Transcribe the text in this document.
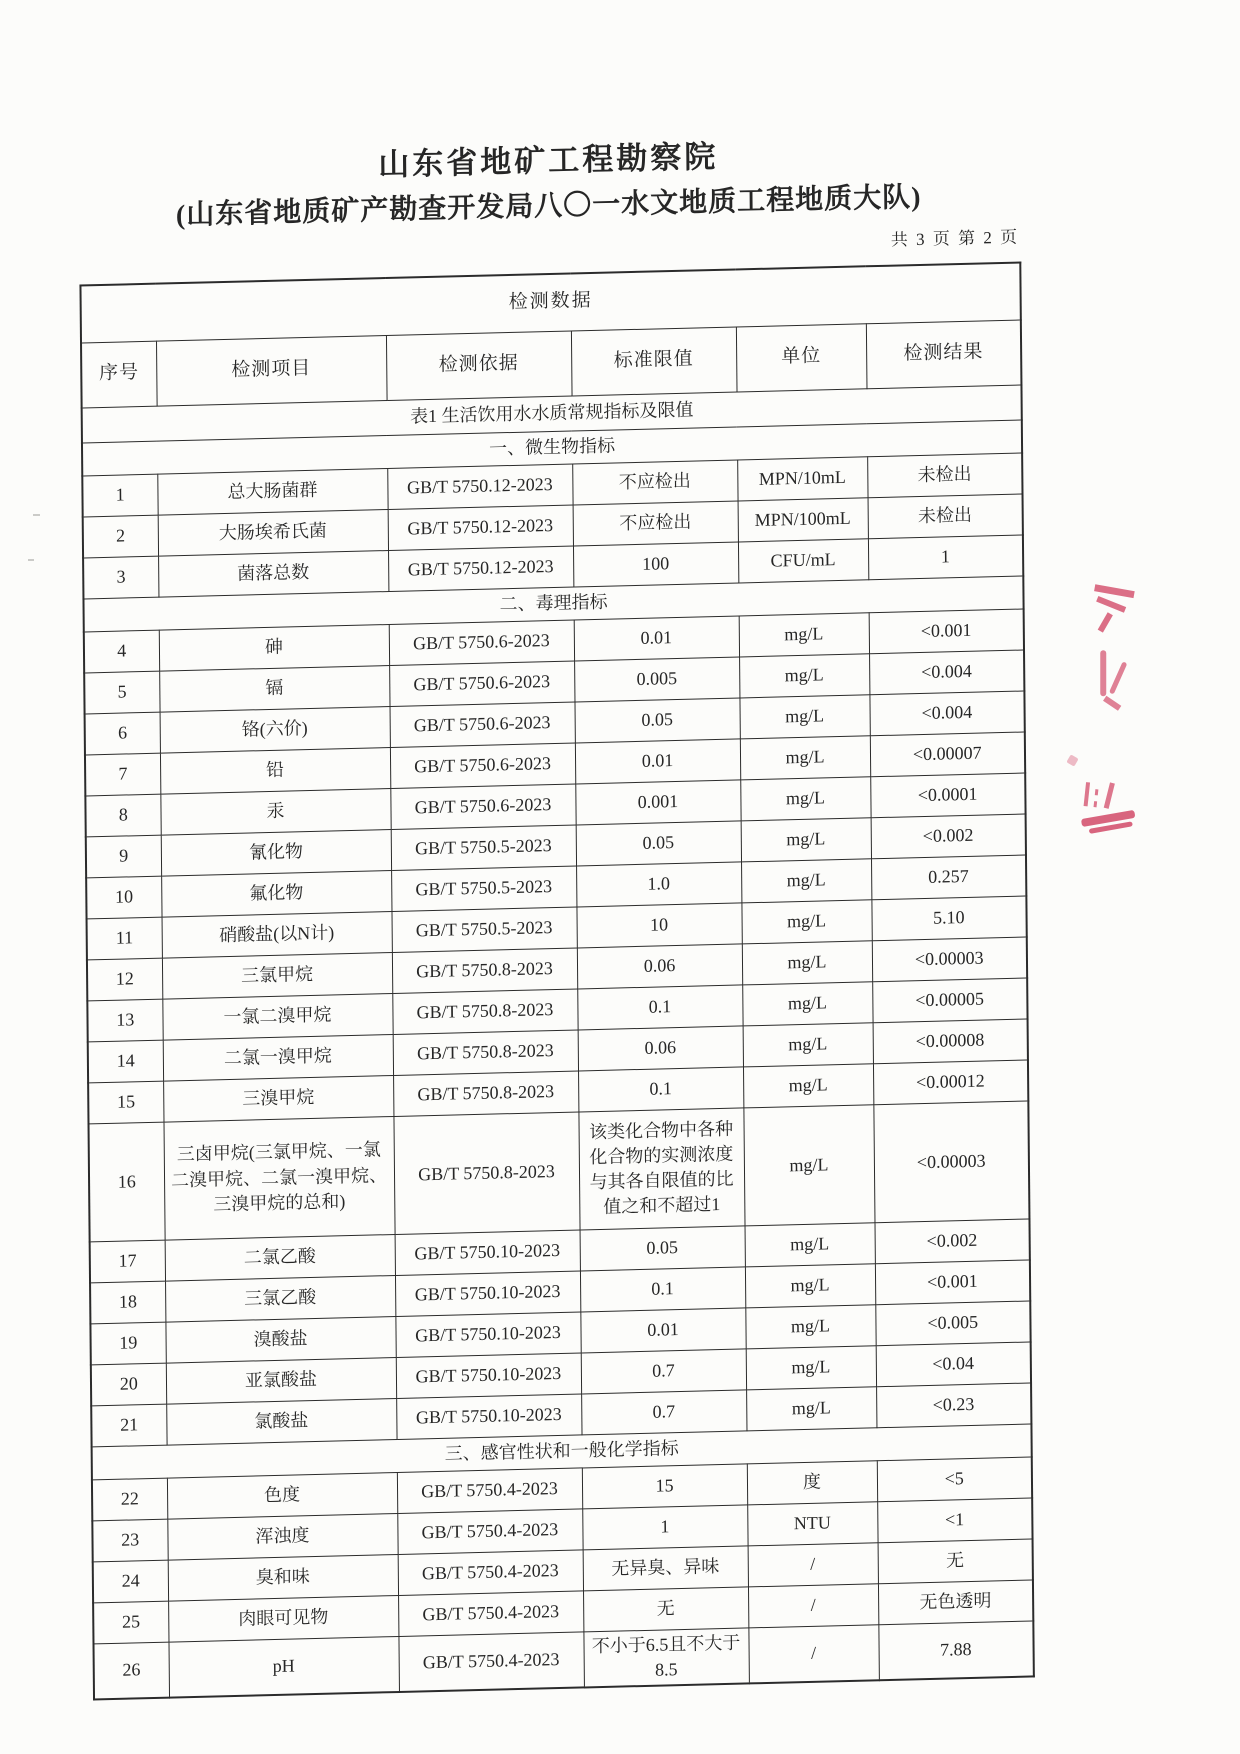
山东省地矿工程勘察院
(山东省地质矿产勘查开发局八〇一水文地质工程地质大队)
共 3 页 第 2 页
检测数据					
序号	检测项目	检测依据	标准限值	单位	检测结果
表1 生活饮用水水质常规指标及限值					
一、微生物指标					
1	总大肠菌群	GB/T 5750.12-2023	不应检出	MPN/10mL	未检出
2	大肠埃希氏菌	GB/T 5750.12-2023	不应检出	MPN/100mL	未检出
3	菌落总数	GB/T 5750.12-2023	100	CFU/mL	1
二、毒理指标					
4	砷	GB/T 5750.6-2023	0.01	mg/L	<0.001
5	镉	GB/T 5750.6-2023	0.005	mg/L	<0.004
6	铬(六价)	GB/T 5750.6-2023	0.05	mg/L	<0.004
7	铅	GB/T 5750.6-2023	0.01	mg/L	<0.00007
8	汞	GB/T 5750.6-2023	0.001	mg/L	<0.0001
9	氰化物	GB/T 5750.5-2023	0.05	mg/L	<0.002
10	氟化物	GB/T 5750.5-2023	1.0	mg/L	0.257
11	硝酸盐(以N计)	GB/T 5750.5-2023	10	mg/L	5.10
12	三氯甲烷	GB/T 5750.8-2023	0.06	mg/L	<0.00003
13	一氯二溴甲烷	GB/T 5750.8-2023	0.1	mg/L	<0.00005
14	二氯一溴甲烷	GB/T 5750.8-2023	0.06	mg/L	<0.00008
15	三溴甲烷	GB/T 5750.8-2023	0.1	mg/L	<0.00012
16	三卤甲烷(三氯甲烷、一氯二溴甲烷、二氯一溴甲烷、三溴甲烷的总和)	GB/T 5750.8-2023	该类化合物中各种化合物的实测浓度与其各自限值的比值之和不超过1	mg/L	<0.00003
17	二氯乙酸	GB/T 5750.10-2023	0.05	mg/L	<0.002
18	三氯乙酸	GB/T 5750.10-2023	0.1	mg/L	<0.001
19	溴酸盐	GB/T 5750.10-2023	0.01	mg/L	<0.005
20	亚氯酸盐	GB/T 5750.10-2023	0.7	mg/L	<0.04
21	氯酸盐	GB/T 5750.10-2023	0.7	mg/L	<0.23
三、感官性状和一般化学指标					
22	色度	GB/T 5750.4-2023	15	度	<5
23	浑浊度	GB/T 5750.4-2023	1	NTU	<1
24	臭和味	GB/T 5750.4-2023	无异臭、异味	/	无
25	肉眼可见物	GB/T 5750.4-2023	无	/	无色透明
26	pH	GB/T 5750.4-2023	不小于6.5且不大于8.5	/	7.88
